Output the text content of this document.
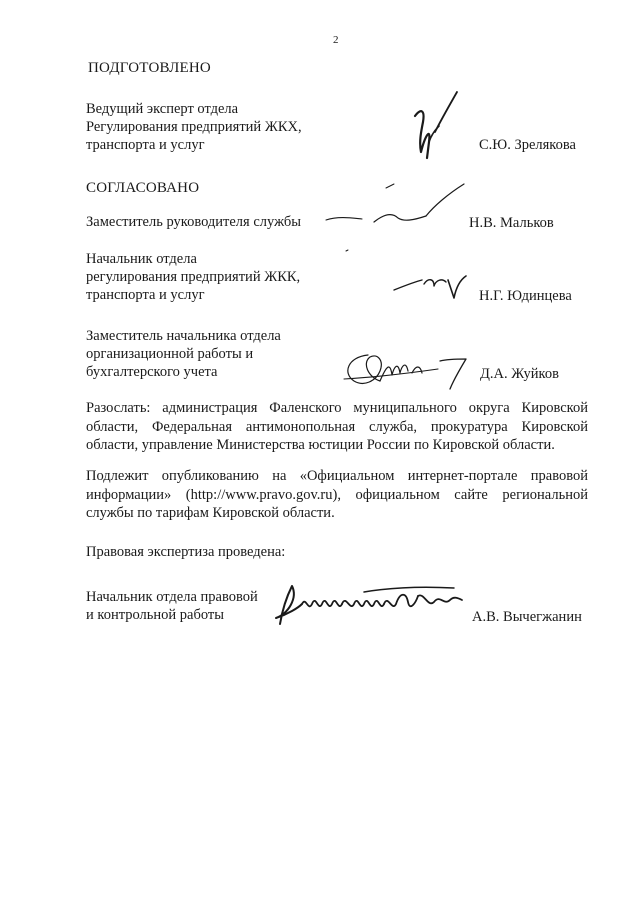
2
ПОДГОТОВЛЕНО
Ведущий эксперт отдела
Регулирования предприятий ЖКХ,
транспорта и услуг	С.Ю. Зрелякова
СОГЛАСОВАНО
Заместитель руководителя службы	Н.В. Мальков
Начальник отдела
регулирования предприятий ЖКК,
транспорта и услуг	Н.Г. Юдинцева
Заместитель начальника отдела
организационной работы и
бухгалтерского учета	Д.А. Жуйков
Разослать: администрация Фаленского муниципального округа Кировской
области, Федеральная антимонопольная служба, прокуратура Кировской
области, управление Министерства юстиции России по Кировской области.
Подлежит опубликованию на «Официальном интернет-портале правовой
информации» (http://www.pravo.gov.ru), официальном сайте региональной
службы по тарифам Кировской области.
Правовая экспертиза проведена:
Начальник отдела правовой
и контрольной работы	А.В. Вычегжанин
